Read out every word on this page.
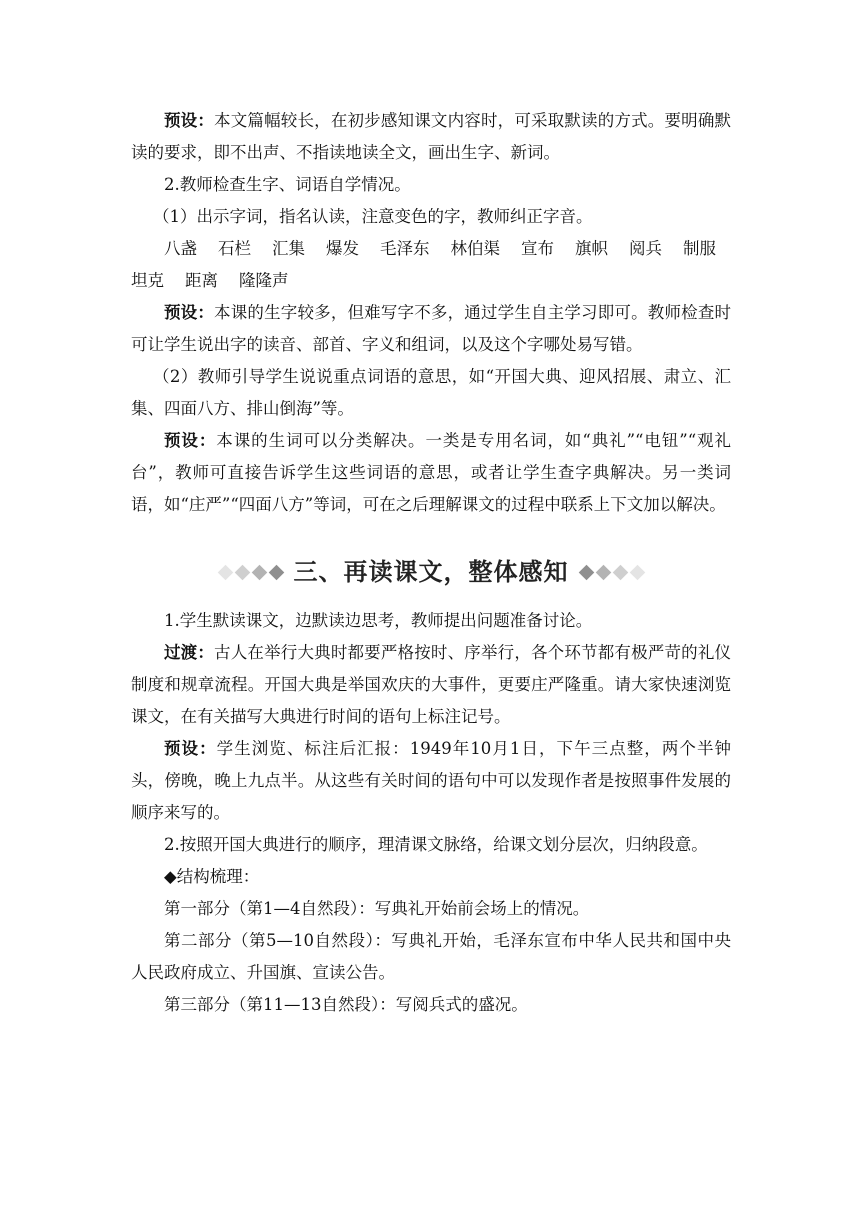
预设：本文篇幅较长，在初步感知课文内容时，可采取默读的方式。要明确默读的要求，即不出声、不指读地读全文，画出生字、新词。

2.教师检查生字、词语自学情况。

（1）出示字词，指名认读，注意变色的字，教师纠正字音。

八盏 石栏 汇集 爆发 毛泽东 林伯渠 宣布 旗帜 阅兵 制服
坦克 距离 隆隆声

预设：本课的生字较多，但难写字不多，通过学生自主学习即可。教师检查时可让学生说出字的读音、部首、字义和组词，以及这个字哪处易写错。

（2）教师引导学生说说重点词语的意思，如“开国大典、迎风招展、肃立、汇集、四面八方、排山倒海”等。

预设：本课的生词可以分类解决。一类是专用名词，如“典礼”“电钮”“观礼台”，教师可直接告诉学生这些词语的意思，或者让学生查字典解决。另一类词语，如“庄严”“四面八方”等词，可在之后理解课文的过程中联系上下文加以解决。

三、再读课文，整体感知

1.学生默读课文，边默读边思考，教师提出问题准备讨论。

过渡：古人在举行大典时都要严格按时、序举行，各个环节都有极严苛的礼仪制度和规章流程。开国大典是举国欢庆的大事件，更要庄严隆重。请大家快速浏览课文，在有关描写大典进行时间的语句上标注记号。

预设：学生浏览、标注后汇报：1949年10月1日，下午三点整，两个半钟头，傍晚，晚上九点半。从这些有关时间的语句中可以发现作者是按照事件发展的顺序来写的。

2.按照开国大典进行的顺序，理清课文脉络，给课文划分层次，归纳段意。

◆结构梳理：

第一部分（第1—4自然段）：写典礼开始前会场上的情况。

第二部分（第5—10自然段）：写典礼开始，毛泽东宣布中华人民共和国中央人民政府成立、升国旗、宣读公告。

第三部分（第11—13自然段）：写阅兵式的盛况。
